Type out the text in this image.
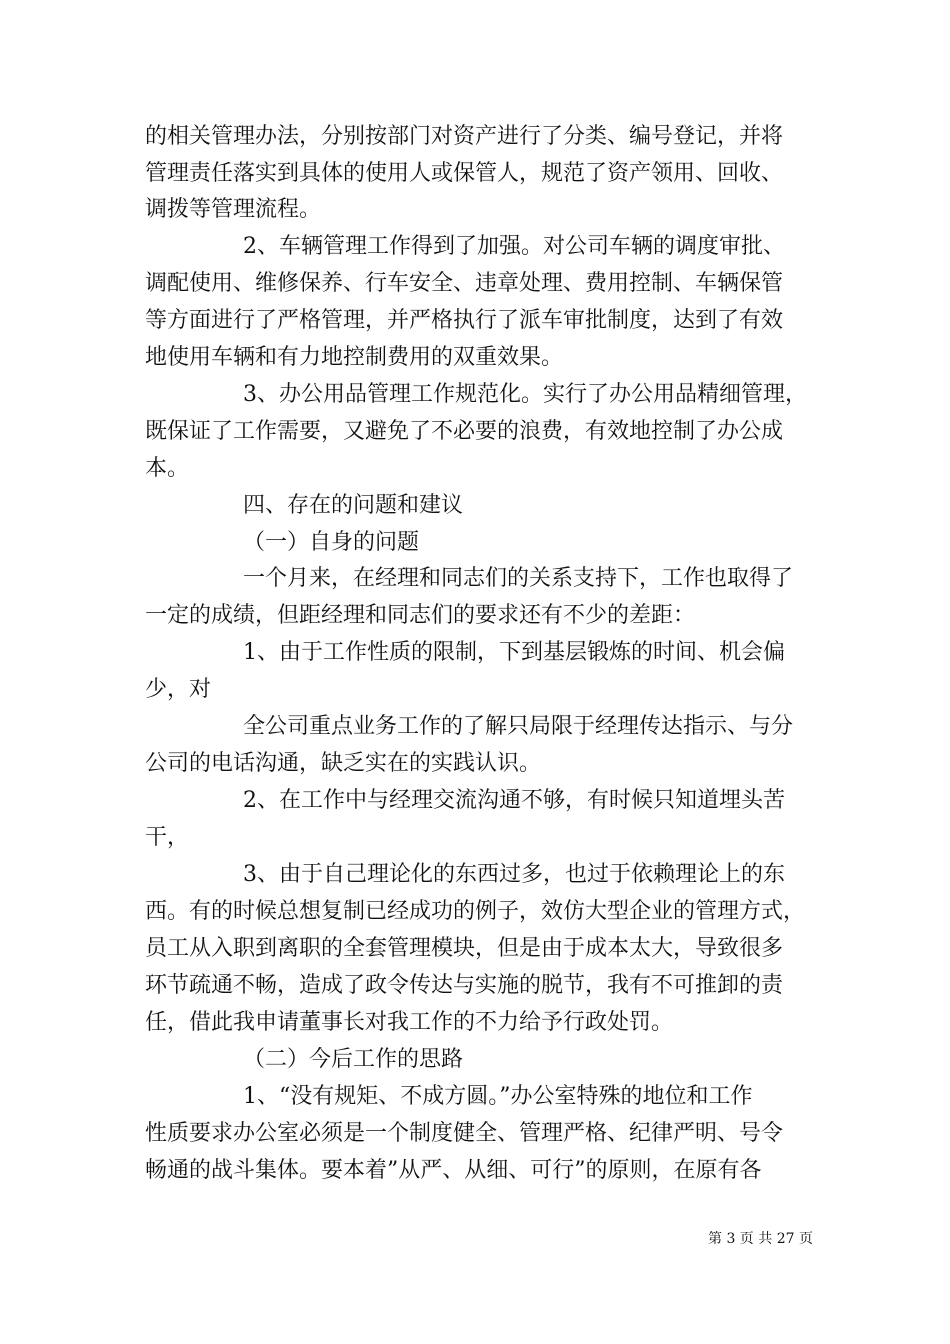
的相关管理办法，分别按部门对资产进行了分类、编号登记，并将
管理责任落实到具体的使用人或保管人，规范了资产领用、回收、
调拨等管理流程。
2、车辆管理工作得到了加强。对公司车辆的调度审批、
调配使用、维修保养、行车安全、违章处理、费用控制、车辆保管
等方面进行了严格管理，并严格执行了派车审批制度，达到了有效
地使用车辆和有力地控制费用的双重效果。
3、办公用品管理工作规范化。实行了办公用品精细管理，
既保证了工作需要，又避免了不必要的浪费，有效地控制了办公成
本。
四、存在的问题和建议
（一）自身的问题
一个月来，在经理和同志们的关系支持下，工作也取得了
一定的成绩，但距经理和同志们的要求还有不少的差距：
1、由于工作性质的限制，下到基层锻炼的时间、机会偏
少，对
全公司重点业务工作的了解只局限于经理传达指示、与分
公司的电话沟通，缺乏实在的实践认识。
2、在工作中与经理交流沟通不够，有时候只知道埋头苦
干，
3、由于自己理论化的东西过多，也过于依赖理论上的东
西。有的时候总想复制已经成功的例子，效仿大型企业的管理方式，
员工从入职到离职的全套管理模块，但是由于成本太大，导致很多
环节疏通不畅，造成了政令传达与实施的脱节，我有不可推卸的责
任，借此我申请董事长对我工作的不力给予行政处罚。
（二）今后工作的思路
1、“没有规矩、不成方圆。”办公室特殊的地位和工作
性质要求办公室必须是一个制度健全、管理严格、纪律严明、号令
畅通的战斗集体。要本着”从严、从细、可行”的原则，在原有各
第 3 页 共 27 页
